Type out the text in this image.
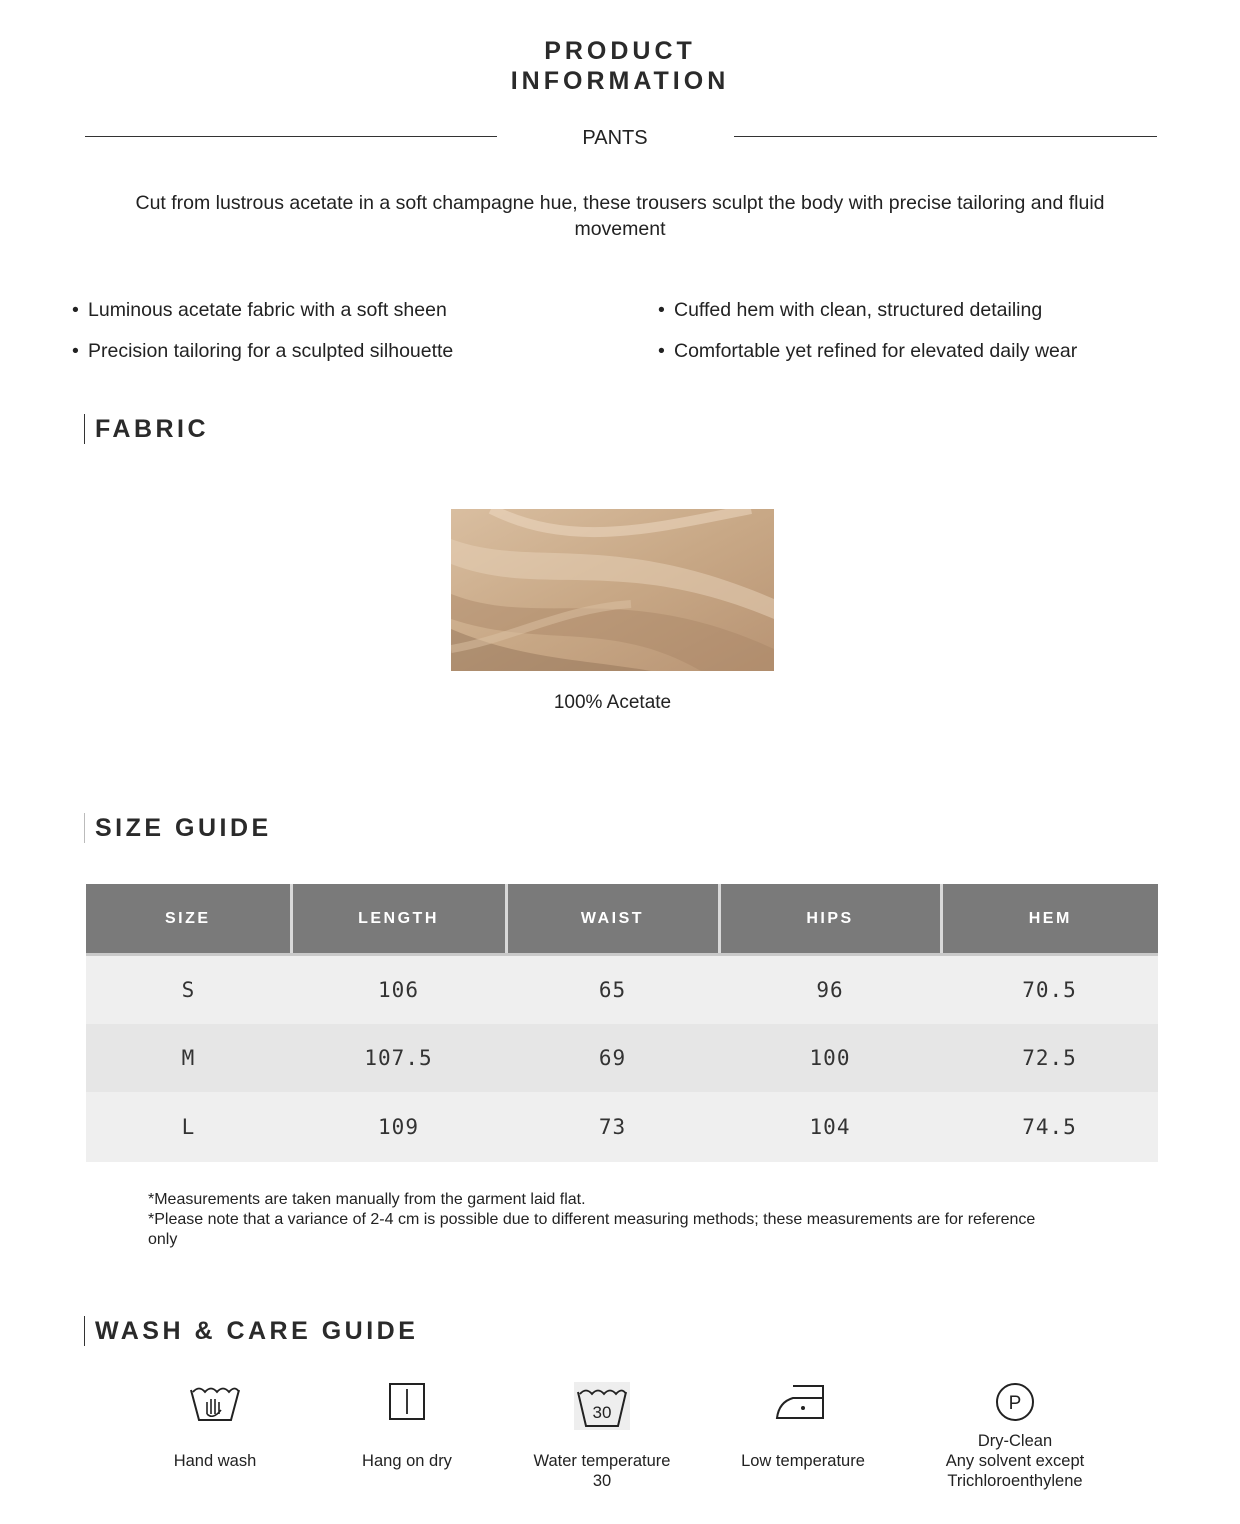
PRODUCT
INFORMATION
PANTS
Cut from lustrous acetate in a soft champagne hue, these trousers sculpt the body with precise tailoring and fluid movement
• Luminous acetate fabric with a soft sheen
• Precision tailoring for a sculpted silhouette
• Cuffed hem with clean, structured detailing
• Comfortable yet refined for elevated daily wear
FABRIC
100% Acetate
SIZE GUIDE
SIZE	LENGTH	WAIST	HIPS	HEM
S	106	65	96	70.5
M	107.5	69	100	72.5
L	109	73	104	74.5
*Measurements are taken manually from the garment laid flat.
*Please note that a variance of 2-4 cm is possible due to different measuring methods; these measurements are for reference only
WASH & CARE GUIDE
Hand wash	Hang on dry
30
Water temperature
30
Low temperature
P
Dry-Clean
Any solvent except
Trichloroenthylene
